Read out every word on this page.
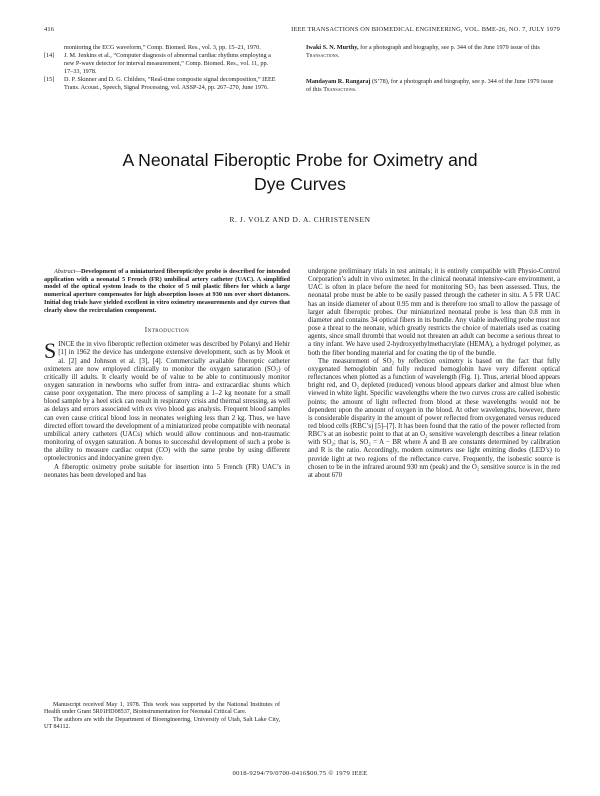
416	IEEE TRANSACTIONS ON BIOMEDICAL ENGINEERING, VOL. BME-26, NO. 7, JULY 1979

monitoring the ECG waveform,” Comp. Biomed. Res., vol. 3, pp. 15–21, 1970.

[14] J. M. Jenkins et al., “Computer diagnosis of abnormal cardiac rhythms employing a new P-wave detector for interval measurement,” Comp. Biomed. Res., vol. 11, pp. 17–33, 1978.

[15] D. P. Skinner and D. G. Childers, “Real-time composite signal decomposition,” IEEE Trans. Acoust., Speech, Signal Processing, vol. ASSP-24, pp. 267–270, June 1976.

Iwaki S. N. Murthy, for a photograph and biography, see p. 344 of the June 1979 issue of this Transactions.

Mandayam R. Rangaraj (S’78), for a photograph and biography, see p. 344 of the June 1979 issue of this Transactions.

A Neonatal Fiberoptic Probe for Oximetry and
Dye Curves
R. J. VOLZ AND D. A. CHRISTENSEN

Abstract—Development of a miniaturized fiberoptic/dye probe is described for intended application with a neonatal 5 French (FR) umbilical artery catheter (UAC). A simplified model of the optical system leads to the choice of 5 mil plastic fibers for which a large numerical aperture compensates for high absorption losses at 930 nm over short distances. Initial dog trials have yielded excellent in vitro oximetry measurements and dye curves that clearly show the recirculation component.

Introduction

SINCE the in vivo fiberoptic reflection oximeter was described by Polanyi and Hehir [1] in 1962 the device has undergone extensive development, such as by Mook et al. [2] and Johnson et al. [3], [4]. Commercially available fiberoptic catheter oximeters are now employed clinically to monitor the oxygen saturation (SO₂) of critically ill adults. It clearly would be of value to be able to continuously monitor oxygen saturation in newborns who suffer from intra- and extracardiac shunts which cause poor oxygenation. The mere process of sampling a 1–2 kg neonate for a small blood sample by a heel stick can result in respiratory crisis and thermal stressing, as well as delays and errors associated with ex vivo blood gas analysis. Frequent blood samples can even cause critical blood loss in neonates weighing less than 2 kg. Thus, we have directed effort toward the development of a miniaturized probe compatible with neonatal umbilical artery catheters (UACs) which would allow continuous and non-traumatic monitoring of oxygen saturation. A bonus to successful development of such a probe is the ability to measure cardiac output (CO) with the same probe by using different optoelectronics and indocyanine green dye.

A fiberoptic oximetry probe suitable for insertion into 5 French (FR) UAC’s in neonates has been developed and has

undergone preliminary trials in test animals; it is entirely compatible with Physio-Control Corporation’s adult in vivo oximeter. In the clinical neonatal intensive-care environment, a UAC is often in place before the need for monitoring SO₂ has been assessed. Thus, the neonatal probe must be able to be easily passed through the catheter in situ. A 5 FR UAC has an inside diameter of about 0.95 mm and is therefore too small to allow the passage of larger adult fiberoptic probes. Our miniaturized neonatal probe is less than 0.8 mm in diameter and contains 34 optical fibers in its bundle. Any viable indwelling probe must not pose a threat to the neonate, which greatly restricts the choice of materials used as coating agents, since small thrombi that would not threaten an adult can become a serious threat to a tiny infant. We have used 2-hydroxyethylmethacrylate (HEMA), a hydrogel polymer, as both the fiber bonding material and for coating the tip of the bundle.

The measurement of SO₂ by reflection oximetry is based on the fact that fully oxygenated hemoglobin and fully reduced hemoglobin have very different optical reflectances when plotted as a function of wavelength (Fig. 1). Thus, arterial blood appears bright red, and O₂ depleted (reduced) venous blood appears darker and almost blue when viewed in white light. Specific wavelengths where the two curves cross are called isobestic points; the amount of light reflected from blood at these wavelengths would not be dependent upon the amount of oxygen in the blood. At other wavelengths, however, there is considerable disparity in the amount of power reflected from oxygenated versus reduced red blood cells (RBC’s) [5]–[7]. It has been found that the ratio of the power reflected from RBC’s at an isobestic point to that at an O₂ sensitive wavelength describes a linear relation with SO₂; that is, SO₂ = A − BR where A and B are constants determined by calibration and R is the ratio. Accordingly, modern oximeters use light emitting diodes (LED’s) to provide light at two regions of the reflectance curve. Frequently, the isobestic source is chosen to be in the infrared around 930 nm (peak) and the O₂ sensitive source is in the red at about 670

Manuscript received May 1, 1978. This work was supported by the National Institutes of Health under Grant 5R01HD08537, Bioinstrumentation for Neonatal Critical Care.

The authors are with the Department of Bioengineering, University of Utah, Salt Lake City, UT 84112.

0018-9294/79/0700-0416$00.75 © 1979 IEEE
